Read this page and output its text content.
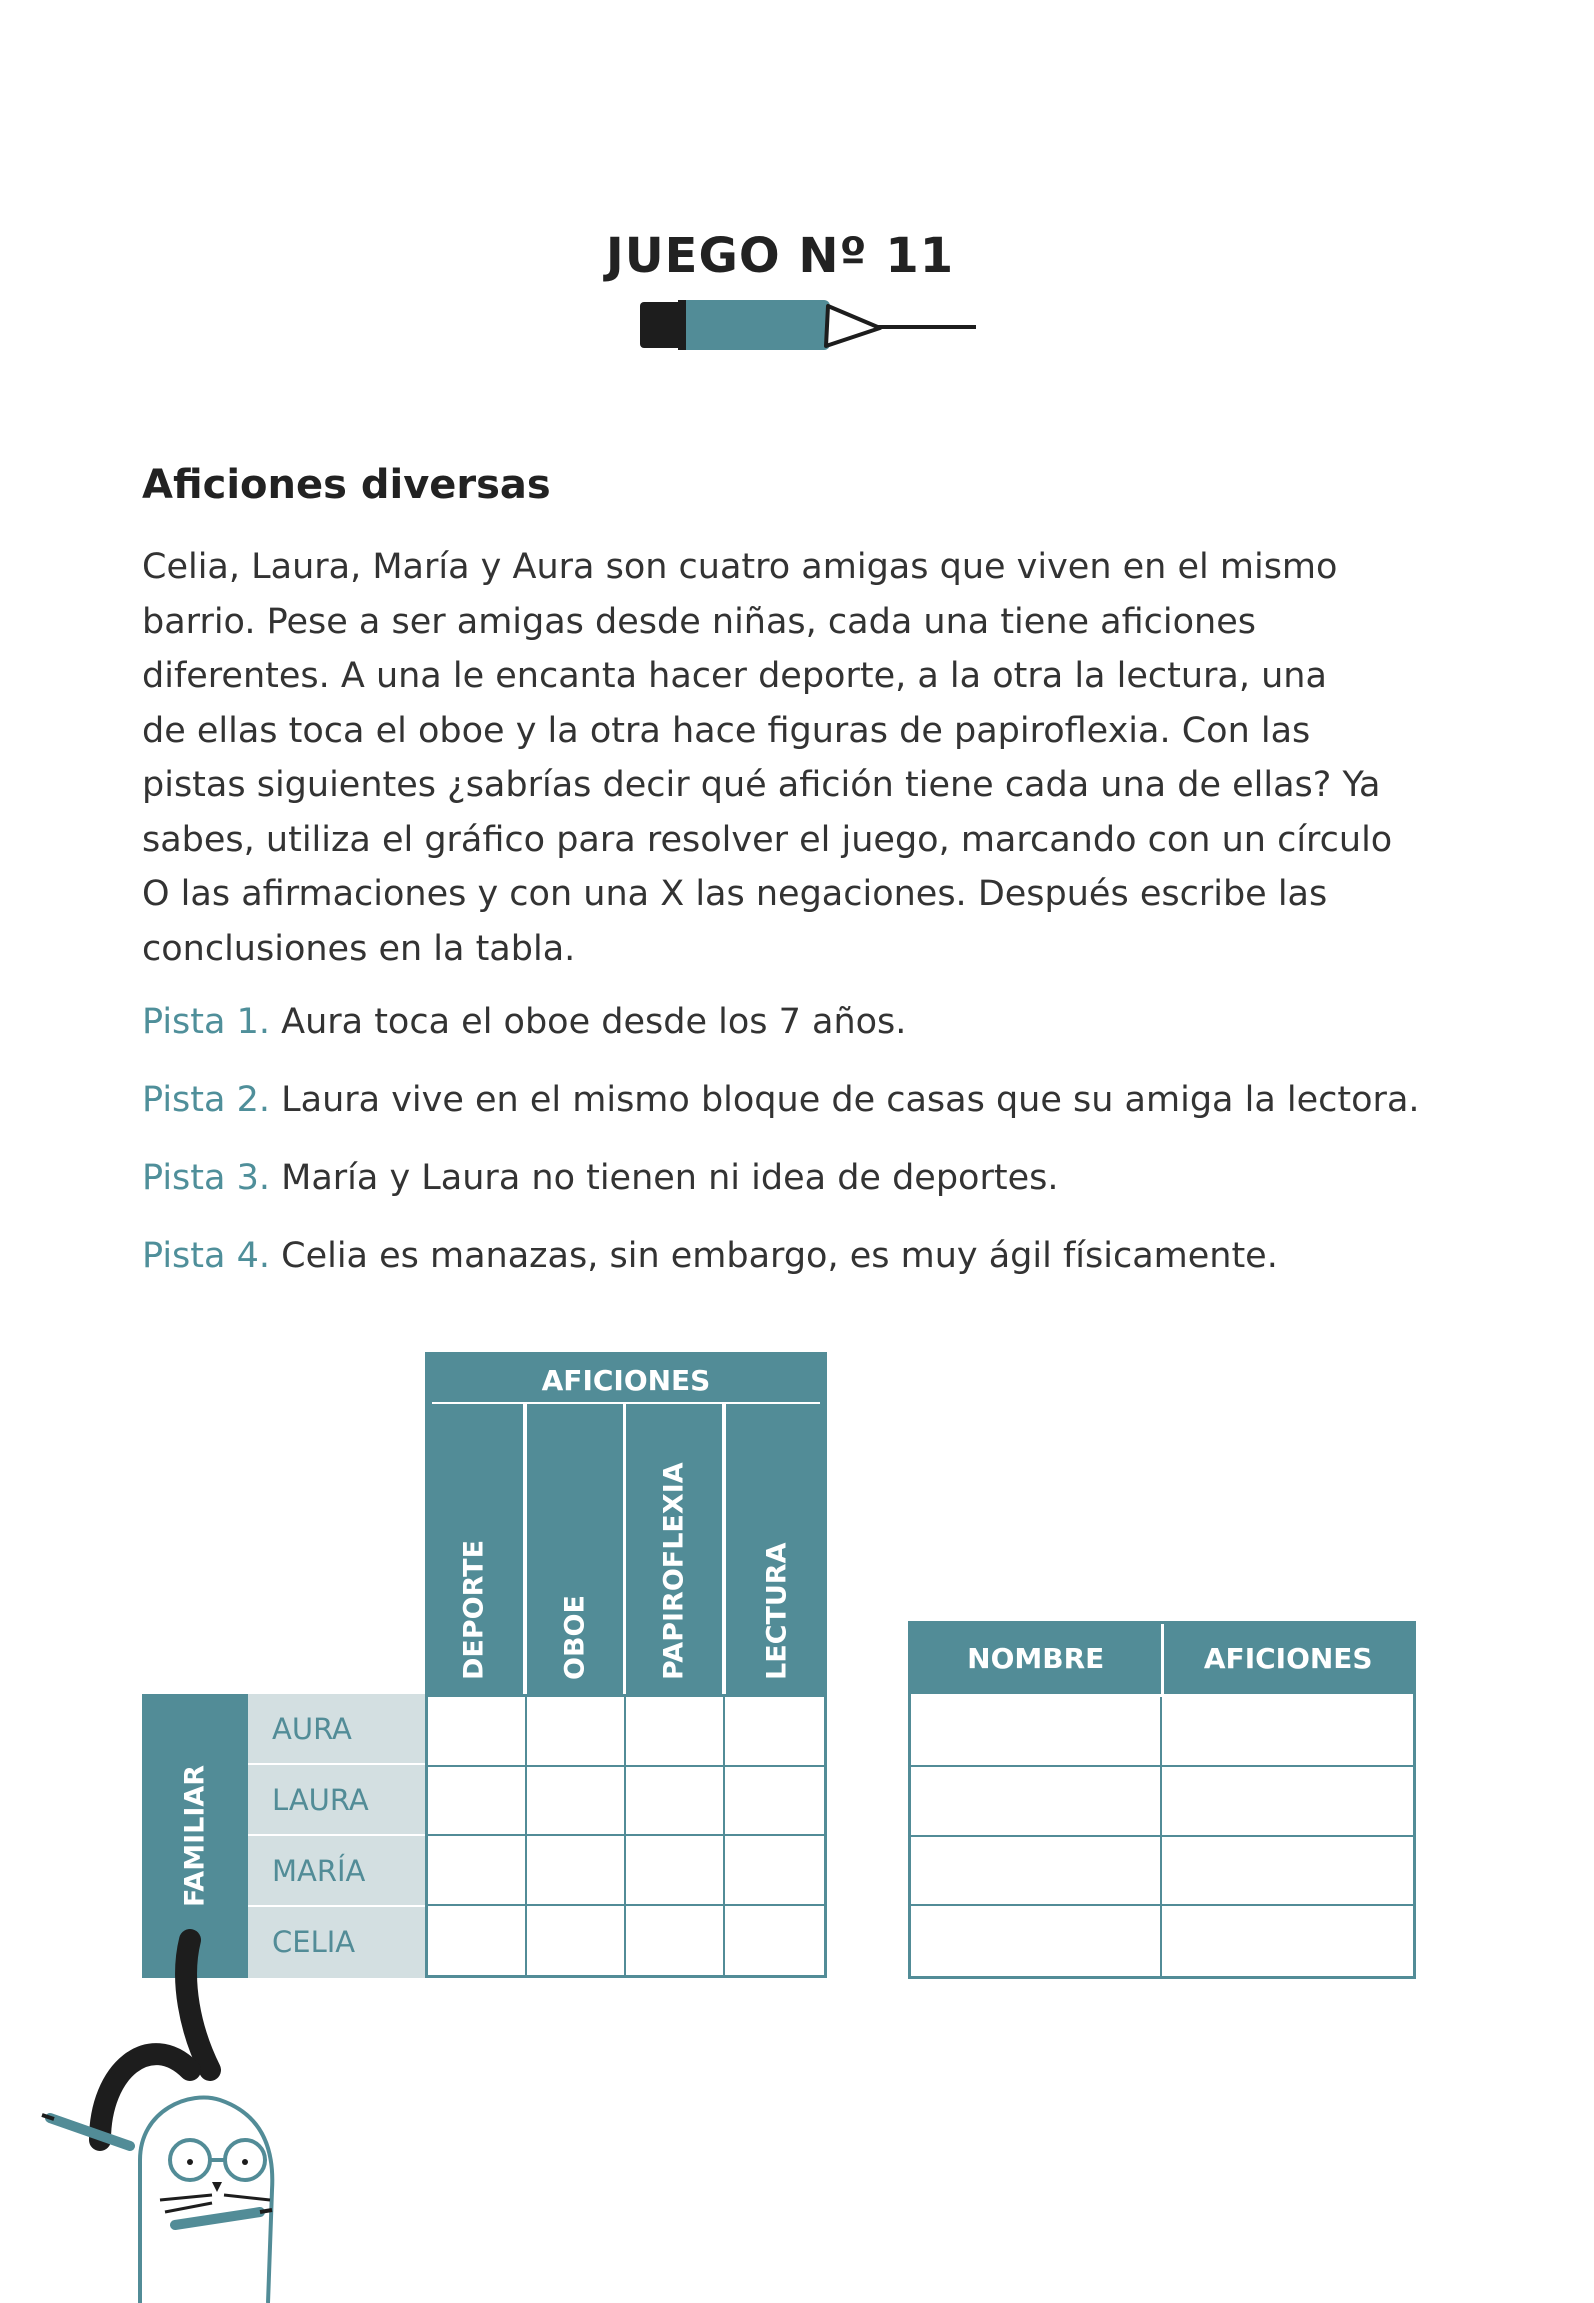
JUEGO Nº 11
Aficiones diversas
Celia, Laura, María y Aura son cuatro amigas que viven en el mismo
barrio. Pese a ser amigas desde niñas, cada una tiene aficiones
diferentes. A una le encanta hacer deporte, a la otra la lectura, una
de ellas toca el oboe y la otra hace figuras de papiroflexia. Con las
pistas siguientes ¿sabrías decir qué afición tiene cada una de ellas? Ya
sabes, utiliza el gráfico para resolver el juego, marcando con un círculo
O las afirmaciones y con una X las negaciones. Después escribe las
conclusiones en la tabla.
Pista 1. Aura toca el oboe desde los 7 años.
Pista 2. Laura vive en el mismo bloque de casas que su amiga la lectora.
Pista 3. María y Laura no tienen ni idea de deportes.
Pista 4. Celia es manazas, sin embargo, es muy ágil físicamente.
AFICIONES
DEPORTE	OBOE	PAPIROFLEXIA	LECTURA
FAMILIAR
AURA
LAURA
MARÍA
CELIA
NOMBRE	AFICIONES
